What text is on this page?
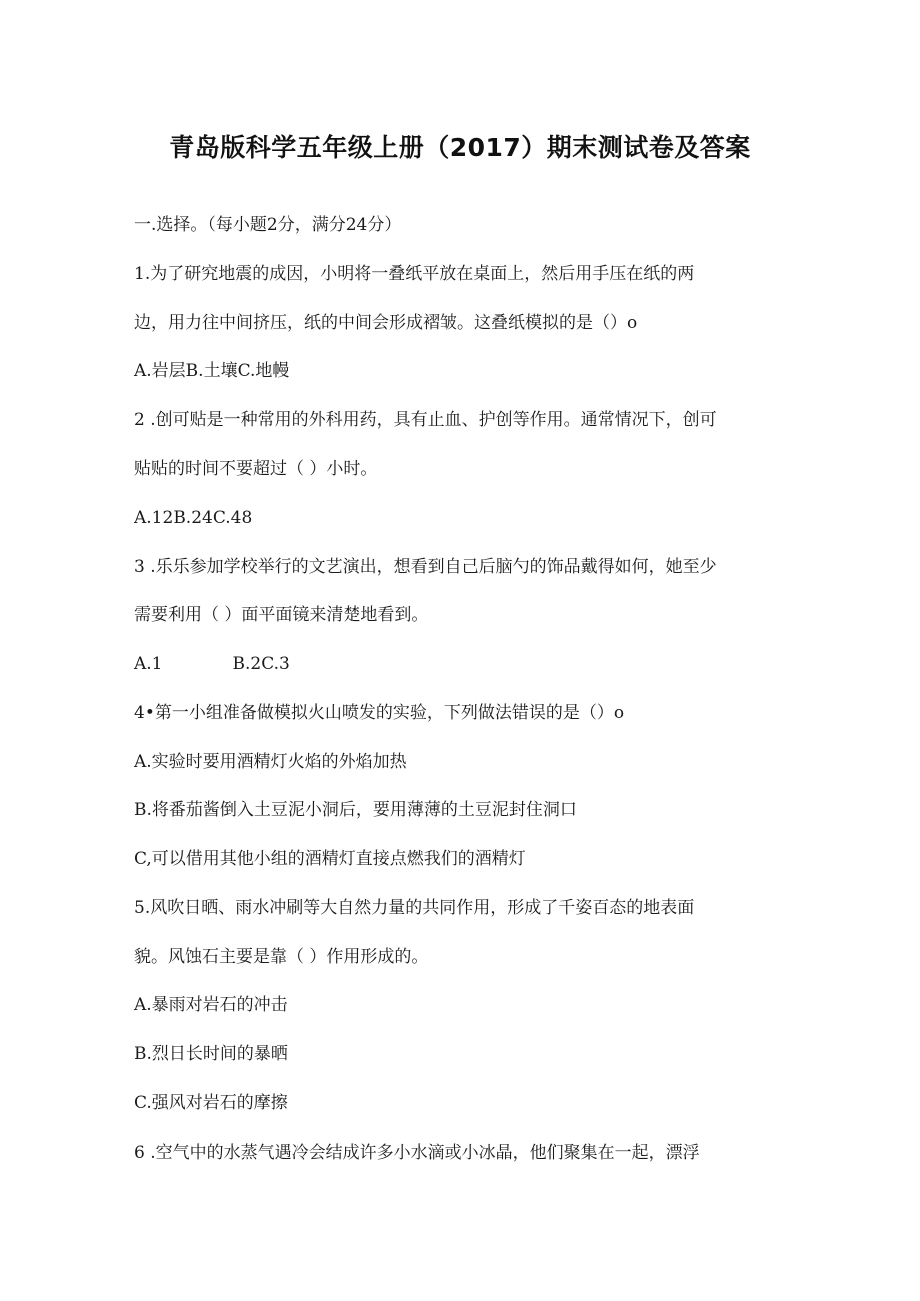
青岛版科学五年级上册（2017）期末测试卷及答案
一.选择。（每小题2分，满分24分）
1.为了研究地震的成因，小明将一叠纸平放在桌面上，然后用手压在纸的两
边，用力往中间挤压，纸的中间会形成褶皱。这叠纸模拟的是（）o
A.岩层B.土壤C.地幔
2 .创可贴是一种常用的外科用药，具有止血、护创等作用。通常情况下，创可
贴贴的时间不要超过（ ）小时。
A.12B.24C.48
3 .乐乐参加学校举行的文艺演出，想看到自己后脑勺的饰品戴得如何，她至少
需要利用（ ）面平面镜来清楚地看到。
A.1	B.2C.3
4•第一小组准备做模拟火山喷发的实验，下列做法错误的是（）o
A.实验时要用酒精灯火焰的外焰加热
B.将番茄酱倒入土豆泥小洞后，要用薄薄的土豆泥封住洞口
C,可以借用其他小组的酒精灯直接点燃我们的酒精灯
5.风吹日晒、雨水冲刷等大自然力量的共同作用，形成了千姿百态的地表面
貌。风蚀石主要是靠（ ）作用形成的。
A.暴雨对岩石的冲击
B.烈日长时间的暴晒
C.强风对岩石的摩擦
6 .空气中的水蒸气遇冷会结成许多小水滴或小冰晶，他们聚集在一起，漂浮
